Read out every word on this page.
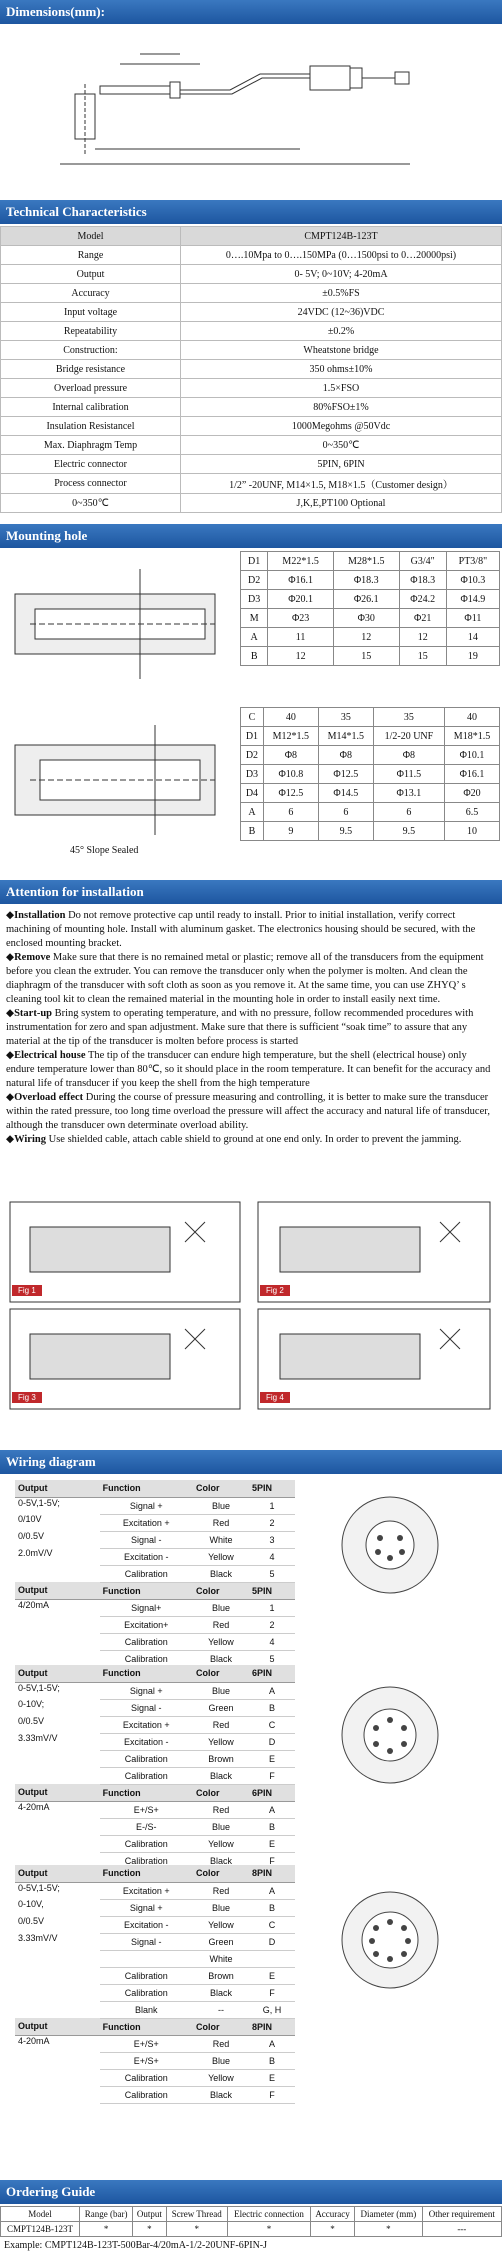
Dimensions(mm):
Technical Characteristics
Model	CMPT124B-123T
Range	0….10Mpa to 0….150MPa (0…1500psi to 0…20000psi)
Output	0- 5V; 0~10V; 4-20mA
Accuracy	±0.5%FS
Input voltage	24VDC (12~36)VDC
Repeatability	±0.2%
Construction:	Wheatstone bridge
Bridge resistance	350 ohms±10%
Overload pressure	1.5×FSO
Internal calibration	80%FSO±1%
Insulation Resistancel	1000Megohms @50Vdc
Max. Diaphragm Temp	0~350℃
Electric connector	5PIN, 6PIN
Process connector	1/2” -20UNF, M14×1.5, M18×1.5（Customer design）
0~350℃	J,K,E,PT100 Optional
Mounting hole
D1	M22*1.5	M28*1.5	G3/4"	PT3/8"
D2	Φ16.1	Φ18.3	Φ18.3	Φ10.3
D3	Φ20.1	Φ26.1	Φ24.2	Φ14.9
M	Φ23	Φ30	Φ21	Φ11
A	11	12	12	14
B	12	15	15	19
45° Slope Sealed
C	40	35	35	40
D1	M12*1.5	M14*1.5	1/2-20 UNF	M18*1.5
D2	Φ8	Φ8	Φ8	Φ10.1
D3	Φ10.8	Φ12.5	Φ11.5	Φ16.1
D4	Φ12.5	Φ14.5	Φ13.1	Φ20
A	6	6	6	6.5
B	9	9.5	9.5	10
Attention for installation

◆Installation Do not remove protective cap until ready to install. Prior to initial installation, verify correct machining of mounting hole. Install with aluminum gasket. The electronics housing should be secured, with the enclosed mounting bracket.

◆Remove Make sure that there is no remained metal or plastic; remove all of the transducers from the equipment before you clean the extruder. You can remove the transducer only when the polymer is molten. And clean the diaphragm of the transducer with soft cloth as soon as you remove it. At the same time, you can use ZHYQ’ s cleaning tool kit to clean the remained material in the mounting hole in order to install easily next time.

◆Start-up Bring system to operating temperature, and with no pressure, follow recommended procedures with instrumentation for zero and span adjustment. Make sure that there is sufficient “soak time” to assure that any material at the tip of the transducer is molten before process is started

◆Electrical house The tip of the transducer can endure high temperature, but the shell (electrical house) only endure temperature lower than 80℃, so it should place in the room temperature. It can benefit for the accuracy and natural life of transducer if you keep the shell from the high temperature

◆Overload effect During the course of pressure measuring and controlling, it is better to make sure the transducer within the rated pressure, too long time overload the pressure will affect the accuracy and natural life of transducer, although the transducer own determinate overload ability.

◆Wiring Use shielded cable, attach cable shield to ground at one end only. In order to prevent the jamming.

Fig 1	Fig 2
Fig 3	Fig 4
Wiring diagram
Output	Function	Color	5PIN
0-5V,1-5V;	Signal +	Blue	1
0/10V	Excitation +	Red	2
0/0.5V	Signal -	White	3
2.0mV/V	Excitation -	Yellow	4
	Calibration	Black	5
Output	Function	Color	5PIN
4/20mA	Signal+	Blue	1
	Excitation+	Red	2
	Calibration	Yellow	4
	Calibration	Black	5
Output	Function	Color	6PIN
0-5V,1-5V;	Signal +	Blue	A
0-10V;	Signal -	Green	B
0/0.5V	Excitation +	Red	C
3.33mV/V	Excitation -	Yellow	D
	Calibration	Brown	E
	Calibration	Black	F
Output	Function	Color	6PIN
4-20mA	E+/S+	Red	A
	E-/S-	Blue	B
	Calibration	Yellow	E
	Calibration	Black	F
Output	Function	Color	8PIN
0-5V,1-5V;	Excitation +	Red	A
0-10V,	Signal +	Blue	B
0/0.5V	Excitation -	Yellow	C
3.33mV/V	Signal -	Green	D
		White	
	Calibration	Brown	E
	Calibration	Black	F
	Blank	--	G, H
Output	Function	Color	8PIN
4-20mA	E+/S+	Red	A
	E+/S+	Blue	B
	Calibration	Yellow	E
	Calibration	Black	F
Ordering Guide
Model	Range (bar)	Output	Screw Thread	Electric connection	Accuracy	Diameter (mm)	Other requirement
CMPT124B-123T	*	*	*	*	*	*	---
Example: CMPT124B-123T-500Bar-4/20mA-1/2-20UNF-6PIN-J
